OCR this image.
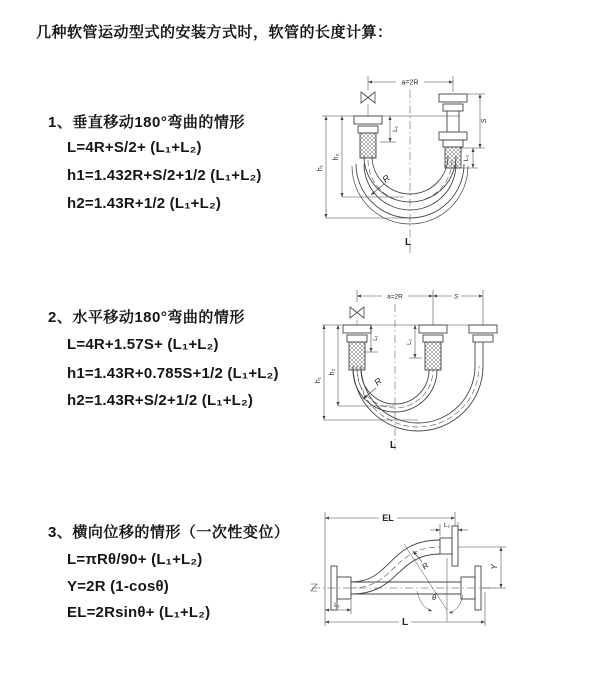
几种软管运动型式的安装方式时，软管的长度计算：
1、垂直移动180°弯曲的情形
L=4R+S/2+ (L₁+L₂)
h1=1.432R+S/2+1/2 (L₁+L₂)
h2=1.43R+1/2 (L₁+L₂)
2、水平移动180°弯曲的情形
L=4R+1.57S+ (L₁+L₂)
h1=1.43R+0.785S+1/2 (L₁+L₂)
h2=1.43R+S/2+1/2 (L₁+L₂)
3、横向位移的情形（一次性变位）
L=πRθ/90+ (L₁+L₂)
Y=2R (1-cosθ)
EL=2Rsinθ+ (L₁+L₂)
a=2R
L₁
S
L₂
h₁
h₂
R
L
a=2R	S
L₁
L₂
h₁
h₂
R
L
EL
L₂
Y
R
θ
L
L₁
